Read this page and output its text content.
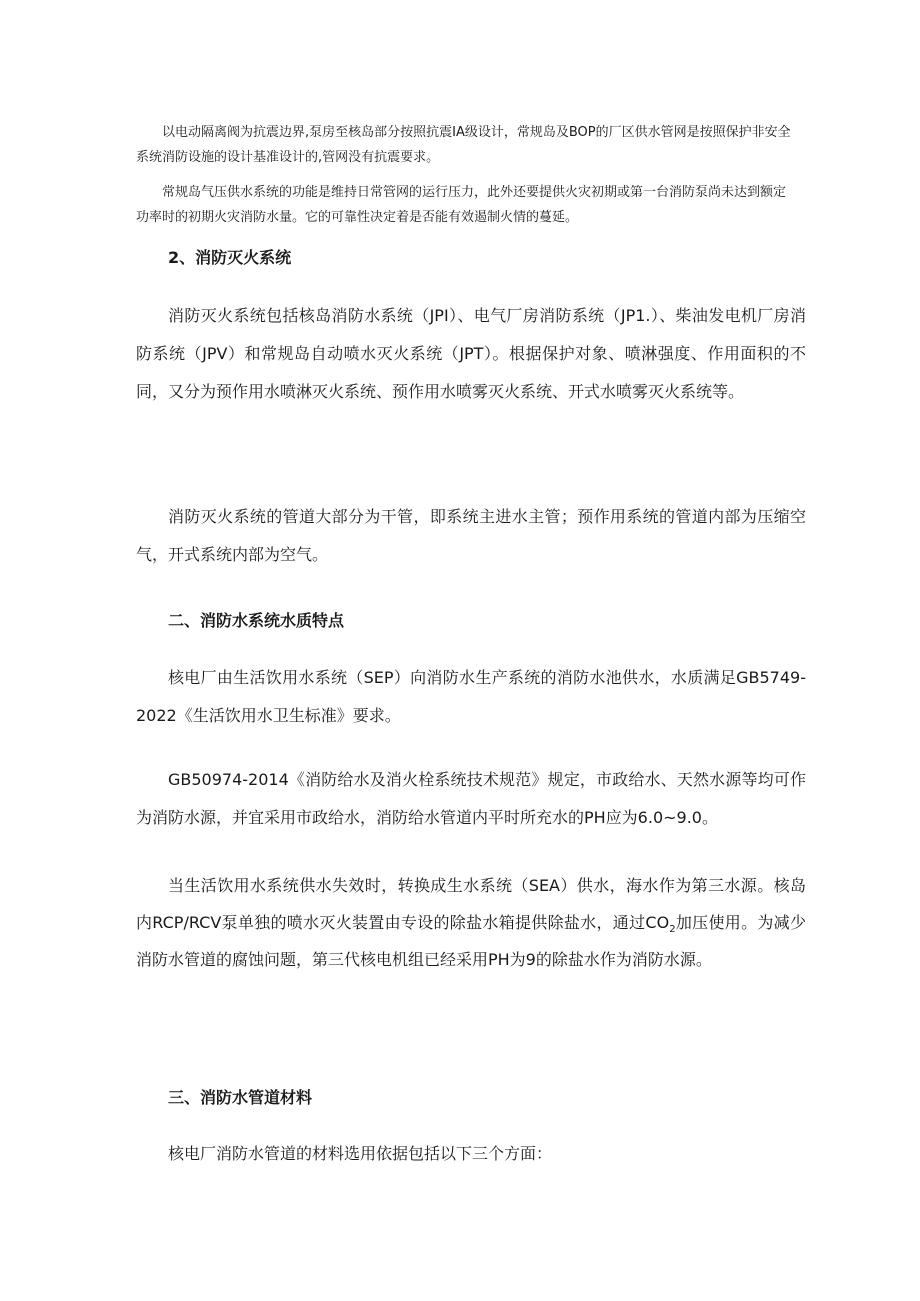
以电动隔离阀为抗震边界,泵房至核岛部分按照抗震IA级设计，常规岛及BOP的厂区供水管网是按照保护非安全系统消防设施的设计基准设计的,管网没有抗震要求。

常规岛气压供水系统的功能是维持日常管网的运行压力，此外还要提供火灾初期或第一台消防泵尚未达到额定功率时的初期火灾消防水量。它的可靠性决定着是否能有效遏制火情的蔓延。

2、消防灭火系统

消防灭火系统包括核岛消防水系统（JPI）、电气厂房消防系统（JP1.）、柴油发电机厂房消防系统（JPV）和常规岛自动喷水灭火系统（JPT）。根据保护对象、喷淋强度、作用面积的不同，又分为预作用水喷淋灭火系统、预作用水喷雾灭火系统、开式水喷雾灭火系统等。

消防灭火系统的管道大部分为干管，即系统主进水主管；预作用系统的管道内部为压缩空气，开式系统内部为空气。

二、消防水系统水质特点

核电厂由生活饮用水系统（SEP）向消防水生产系统的消防水池供水，水质满足GB5749-2022《生活饮用水卫生标准》要求。

GB50974-2014《消防给水及消火栓系统技术规范》规定，市政给水、天然水源等均可作为消防水源，并宜采用市政给水，消防给水管道内平时所充水的PH应为6.0~9.0。

当生活饮用水系统供水失效时，转换成生水系统（SEA）供水，海水作为第三水源。核岛内RCP/RCV泵单独的喷水灭火装置由专设的除盐水箱提供除盐水，通过$CO_2$加压使用。为减少消防水管道的腐蚀问题，第三代核电机组已经采用PH为9的除盐水作为消防水源。

三、消防水管道材料

核电厂消防水管道的材料选用依据包括以下三个方面：
